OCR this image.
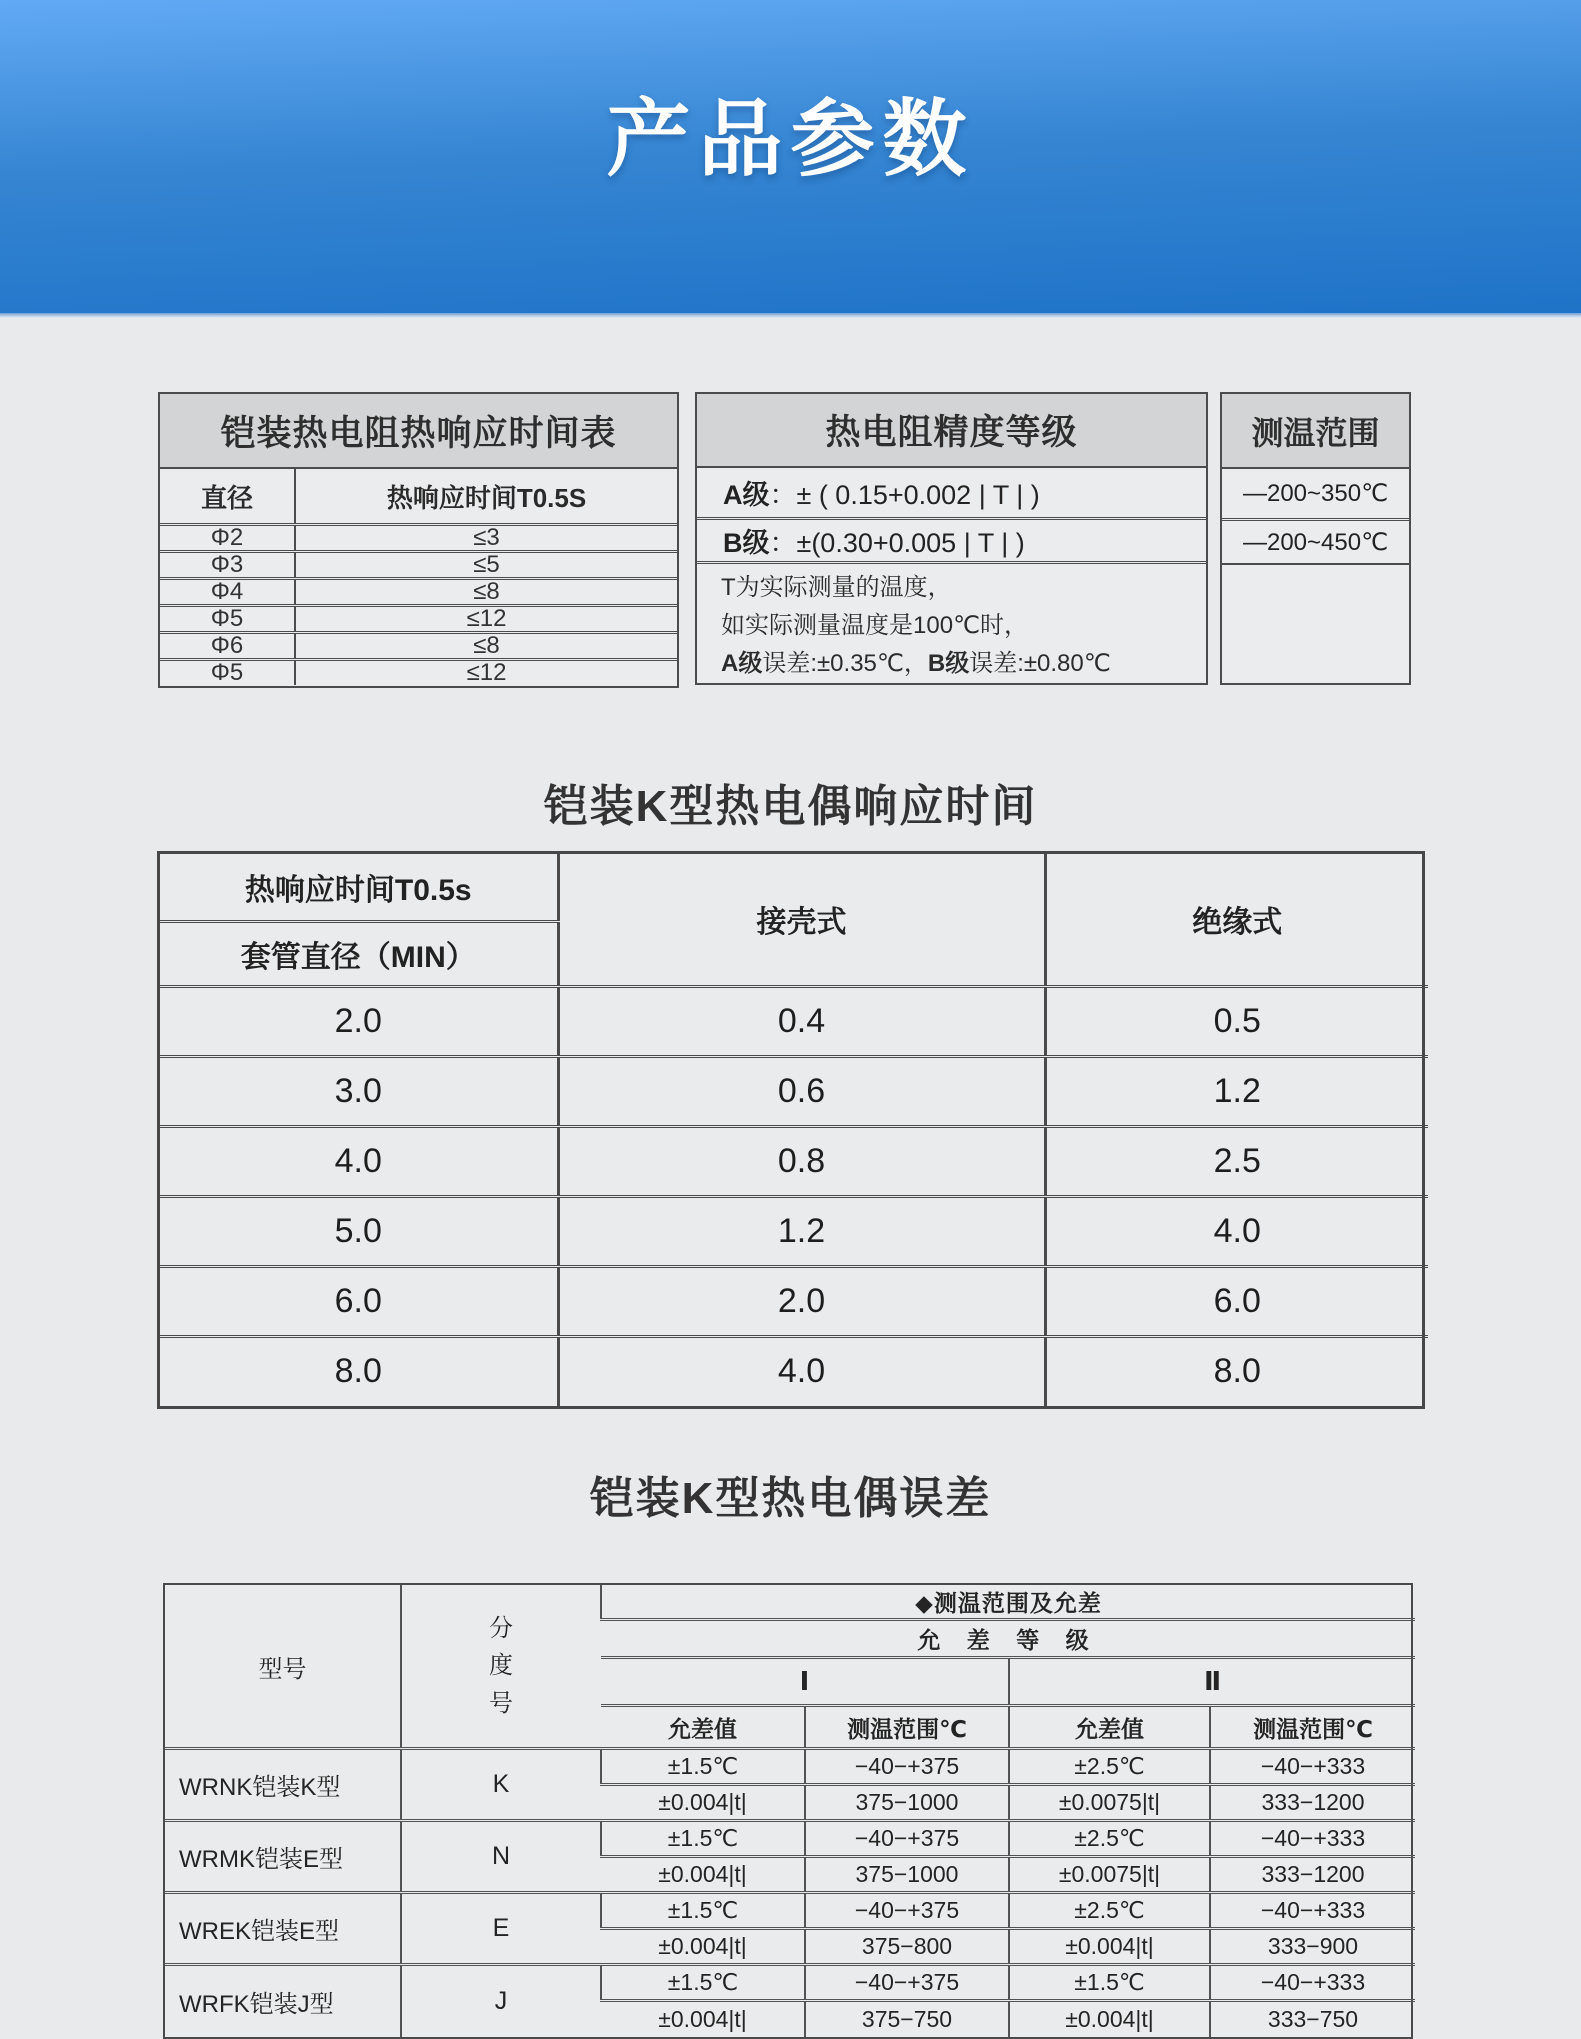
产品参数
铠装热电阻热响应时间表
直径	热响应时间T0.5S
Φ2	≤3
Φ3	≤5
Φ4	≤8
Φ5	≤12
Φ6	≤8
Φ5	≤12
热电阻精度等级
A级 ：± ( 0.15+0.002 | T | )
B级 ：±(0.30+0.005 | T | )
T为实际测量的温度，
如实际测量温度是100℃时，
A级误差:±0.35℃，B级误差:±0.80℃
测温范围
—200~350℃
—200~450℃
铠装K型热电偶响应时间
热响应时间T0.5s	接壳式	绝缘式
套管直径（MIN）		
2.0	0.4	0.5
3.0	0.6	1.2
4.0	0.8	2.5
5.0	1.2	4.0
6.0	2.0	6.0
8.0	4.0	8.0
铠装K型热电偶误差
型号	分度号	◆测温范围及允差			
		允 差 等 级			
		Ⅰ		Ⅱ	
		允差值	测温范围℃	允差值	测温范围℃
WRNK铠装K型	K	±1.5℃	−40−+375	±2.5℃	−40−+333
		±0.004|t|	375−1000	±0.0075|t|	333−1200
WRMK铠装E型	N	±1.5℃	−40−+375	±2.5℃	−40−+333
		±0.004|t|	375−1000	±0.0075|t|	333−1200
WREK铠装E型	E	±1.5℃	−40−+375	±2.5℃	−40−+333
		±0.004|t|	375−800	±0.004|t|	333−900
WRFK铠装J型	J	±1.5℃	−40−+375	±1.5℃	−40−+333
		±0.004|t|	375−750	±0.004|t|	333−750
